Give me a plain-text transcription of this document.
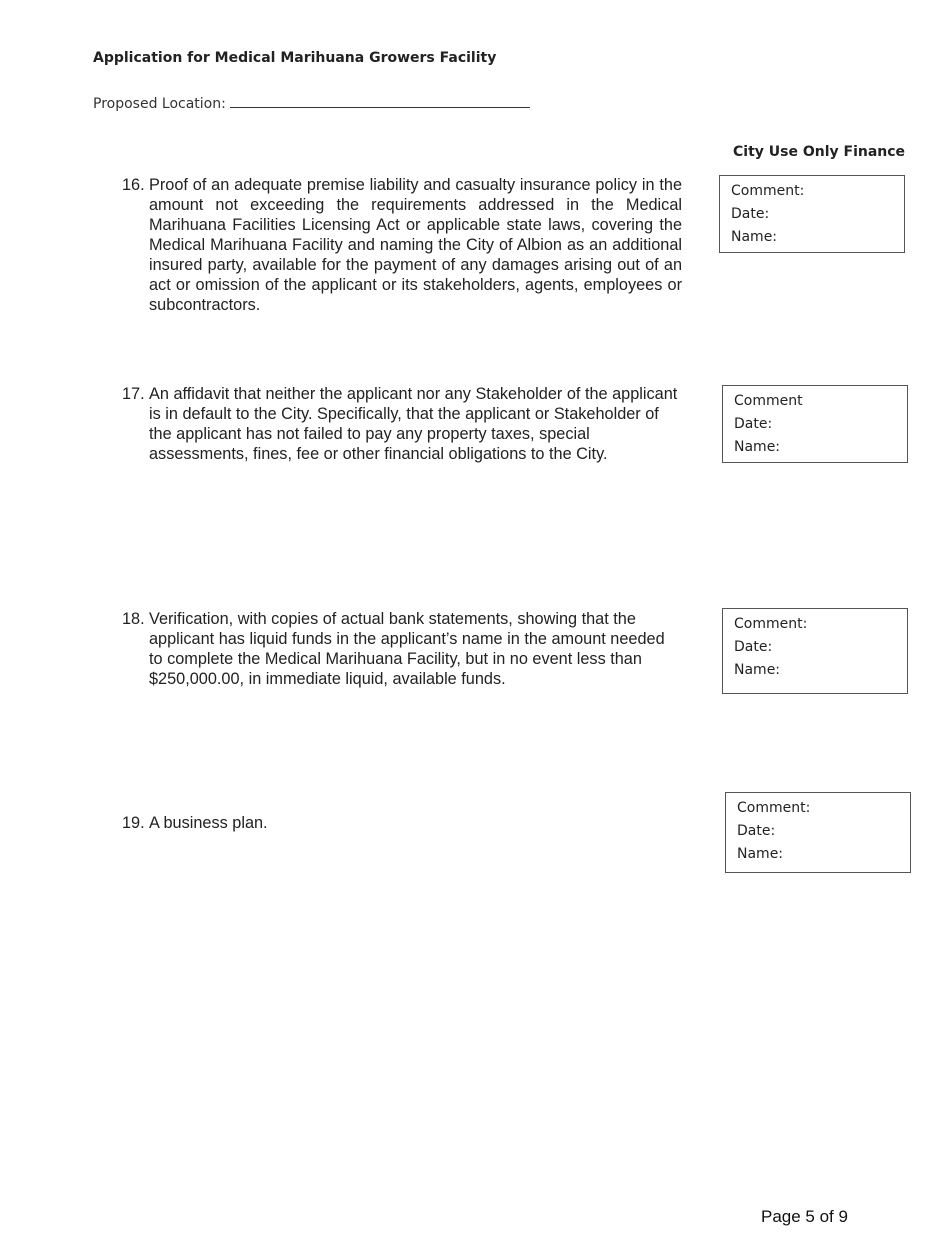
Application for Medical Marihuana Growers Facility
Proposed Location:
City Use Only Finance
16. Proof of an adequate premise liability and casualty insurance policy in the amount not exceeding the requirements addressed in the Medical Marihuana Facilities Licensing Act or applicable state laws, covering the Medical Marihuana Facility and naming the City of Albion as an additional insured party, available for the payment of any damages arising out of an act or omission of the applicant or its stakeholders, agents, employees or subcontractors.
Comment:
Date:
Name:
17. An affidavit that neither the applicant nor any Stakeholder of the applicant is in default to the City. Specifically, that the applicant or Stakeholder of the applicant has not failed to pay any property taxes, special assessments, fines, fee or other financial obligations to the City.
Comment
Date:
Name:
18. Verification, with copies of actual bank statements, showing that the applicant has liquid funds in the applicant’s name in the amount needed to complete the Medical Marihuana Facility, but in no event less than $250,000.00, in immediate liquid, available funds.
Comment:
Date:
Name:
19. A business plan.
Comment:
Date:
Name:
Page 5 of 9
